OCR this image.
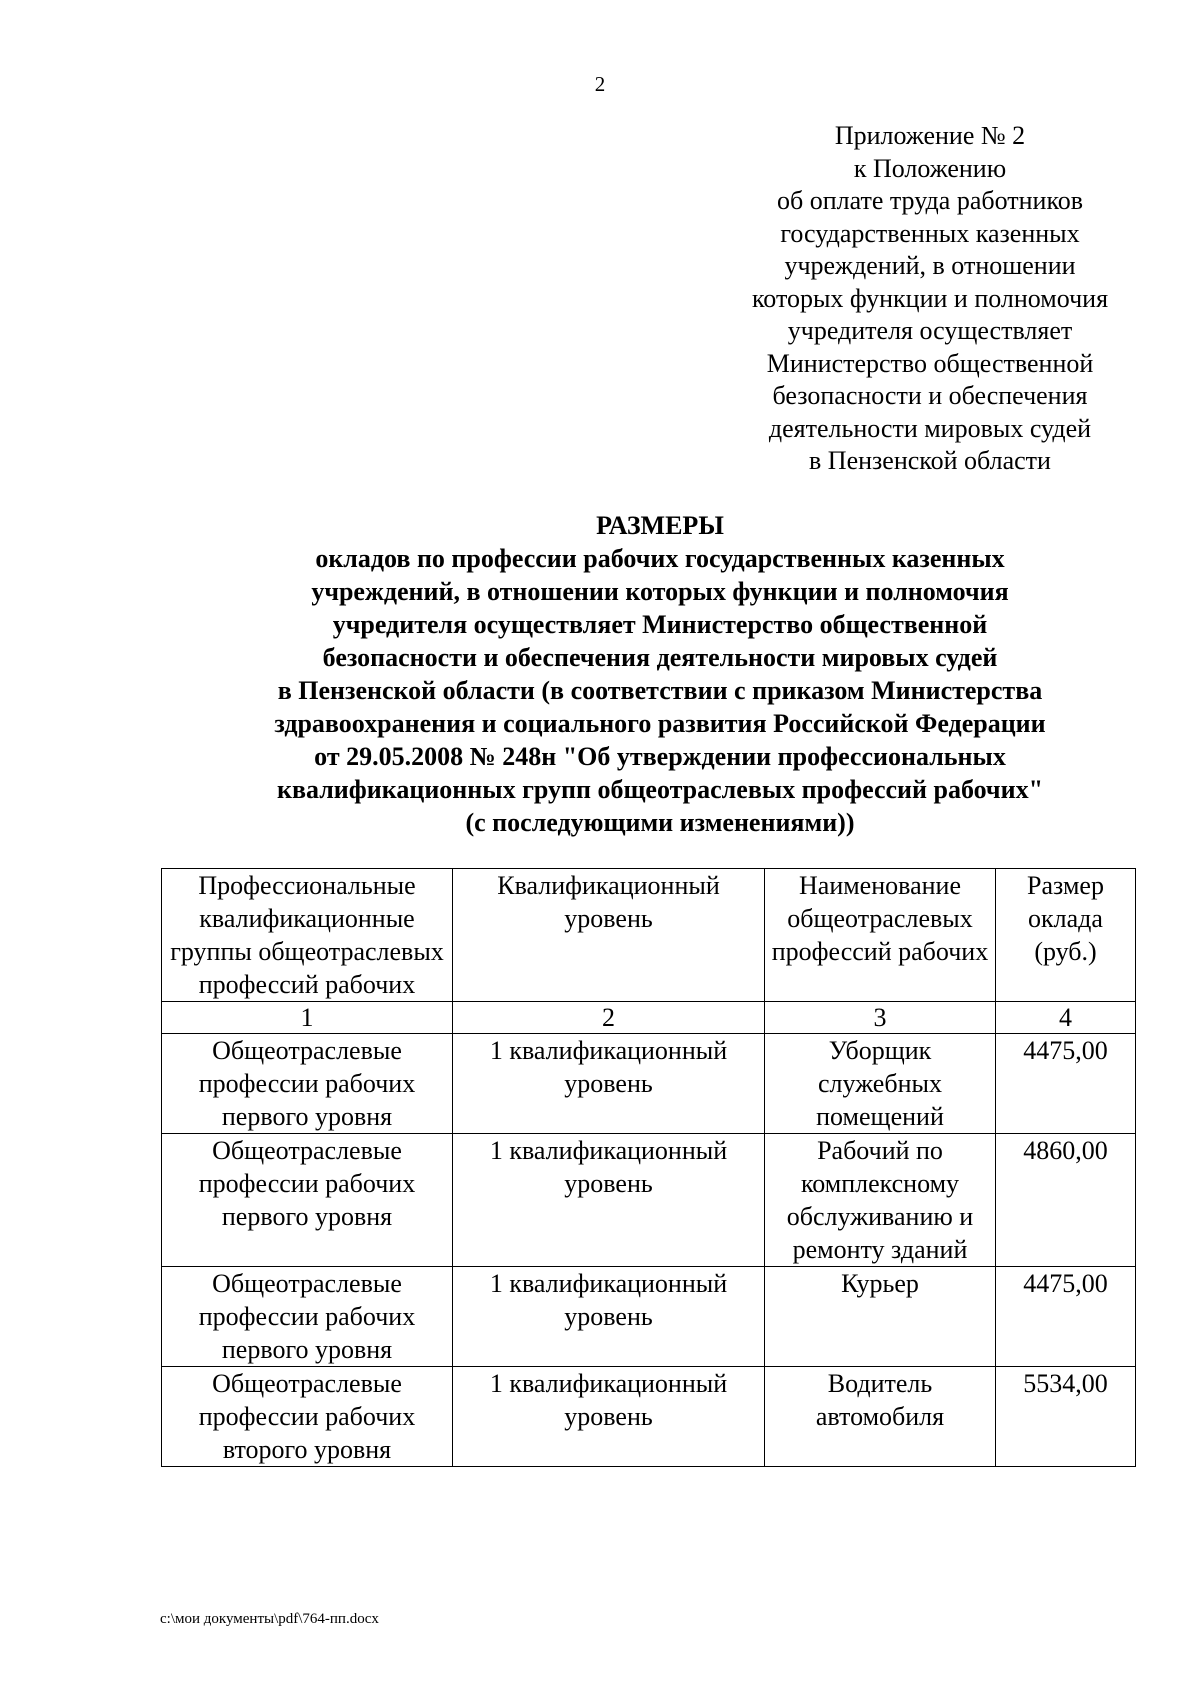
2
Приложение № 2
к Положению
об оплате труда работников
государственных казенных
учреждений, в отношении
которых функции и полномочия
учредителя осуществляет
Министерство общественной
безопасности и обеспечения
деятельности мировых судей
в Пензенской области
РАЗМЕРЫ
окладов по профессии рабочих государственных казенных
учреждений, в отношении которых функции и полномочия
учредителя осуществляет Министерство общественной
безопасности и обеспечения деятельности мировых судей
в Пензенской области (в соответствии с приказом Министерства
здравоохранения и социального развития Российской Федерации
от 29.05.2008 № 248н "Об утверждении профессиональных
квалификационных групп общеотраслевых профессий рабочих"
(с последующими изменениями))
Профессиональные квалификационные группы общеотраслевых профессий рабочих	Квалификационный уровень	Наименование общеотраслевых профессий рабочих	Размер оклада (руб.)
1	2	3	4
Общеотраслевые профессии рабочих первого уровня	1 квалификационный уровень	Уборщик служебных помещений	4475,00
Общеотраслевые профессии рабочих первого уровня	1 квалификационный уровень	Рабочий по комплексному обслуживанию и ремонту зданий	4860,00
Общеотраслевые профессии рабочих первого уровня	1 квалификационный уровень	Курьер	4475,00
Общеотраслевые профессии рабочих второго уровня	1 квалификационный уровень	Водитель автомобиля	5534,00
c:\мои документы\pdf\764-пп.docx
